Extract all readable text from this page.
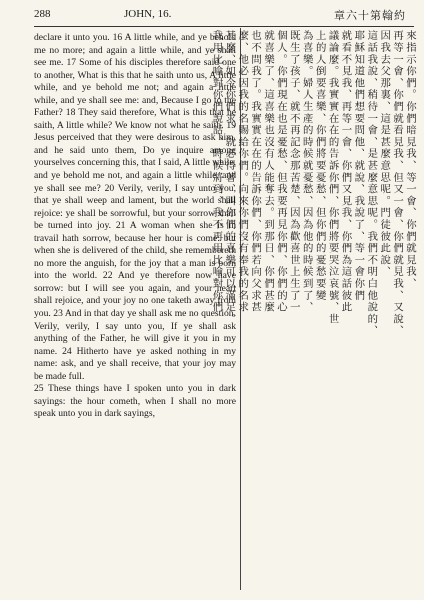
288	JOHN, 16.	章六十第翰約

declare it unto you. 16 A little while, and ye behold me no more; and again a little while, and ye shall see me. 17 Some of his disciples therefore said one to another, What is this that he saith unto us, A little while, and ye behold me not; and again a little while, and ye shall see me: and, Because I go to the Father? 18 They said therefore, What is this that he saith, A little while? We know not what he saith. 19 Jesus perceived that they were desirous to ask him, and he said unto them, Do ye inquire among yourselves concerning this, that I said, A little while, and ye behold me not, and again a little while, and ye shall see me? 20 Verily, verily, I say unto you, that ye shall weep and lament, but the world shall rejoice: ye shall be sorrowful, but your sorrow shall be turned into joy. 21 A woman when she is in travail hath sorrow, because her hour is come: but when she is delivered of the child, she remembereth no more the anguish, for the joy that a man is born into the world. 22 And ye therefore now have sorrow: but I will see you again, and your heart shall rejoice, and your joy no one taketh away from you. 23 And in that day ye shall ask me no question. Verily, verily, I say unto you, If ye shall ask anything of the Father, he will give it you in my name. 24 Hitherto have ye asked nothing in my name: ask, and ye shall receive, that your joy may be made full.

25 These things have I spoken unto you in dark sayings: the hour cometh, when I shall no more speak unto you in dark sayings,

來指示你們。你們暗見我、等一會、你們就見我、
再等一會、你們就看見我、但又一會、你們就見我、又說、
因我去父那裏、這是甚麼意思呢。門徒彼此說、
這話我說、稍待一會、是甚麼意思呢。我們不明白他說的、
耶穌知道他們想要問他、就說、我說了、等一會你們
就看不見我、再等一會、你們又見我、你們為這話彼此
議論麼。我實實在在的告訴你們、你們將要哭泣哀號、世
上的人倒要喜樂、你們將要憂愁、但你們的憂愁要變
為喜樂。婦人生產的時候就憂愁、因為他的時候到了、
既生了孩子、就不再記念那苦楚、因為歡喜世上生了一
個人。你們現在也是憂愁、但我要再見你們、你們的心
就喜樂了、這喜樂也沒有人能奪去。到那日、你們甚麼
也不問我了。我實實在在的告訴你們、你們若向父求甚
麼、他必因我的名賜給你們。向來你們沒有奉我的名求
甚麼、如今你們求、就必得著、叫你們的喜樂可以滿足。
我用比喻對你們說話、時候將到、我不再用比喻對你們
